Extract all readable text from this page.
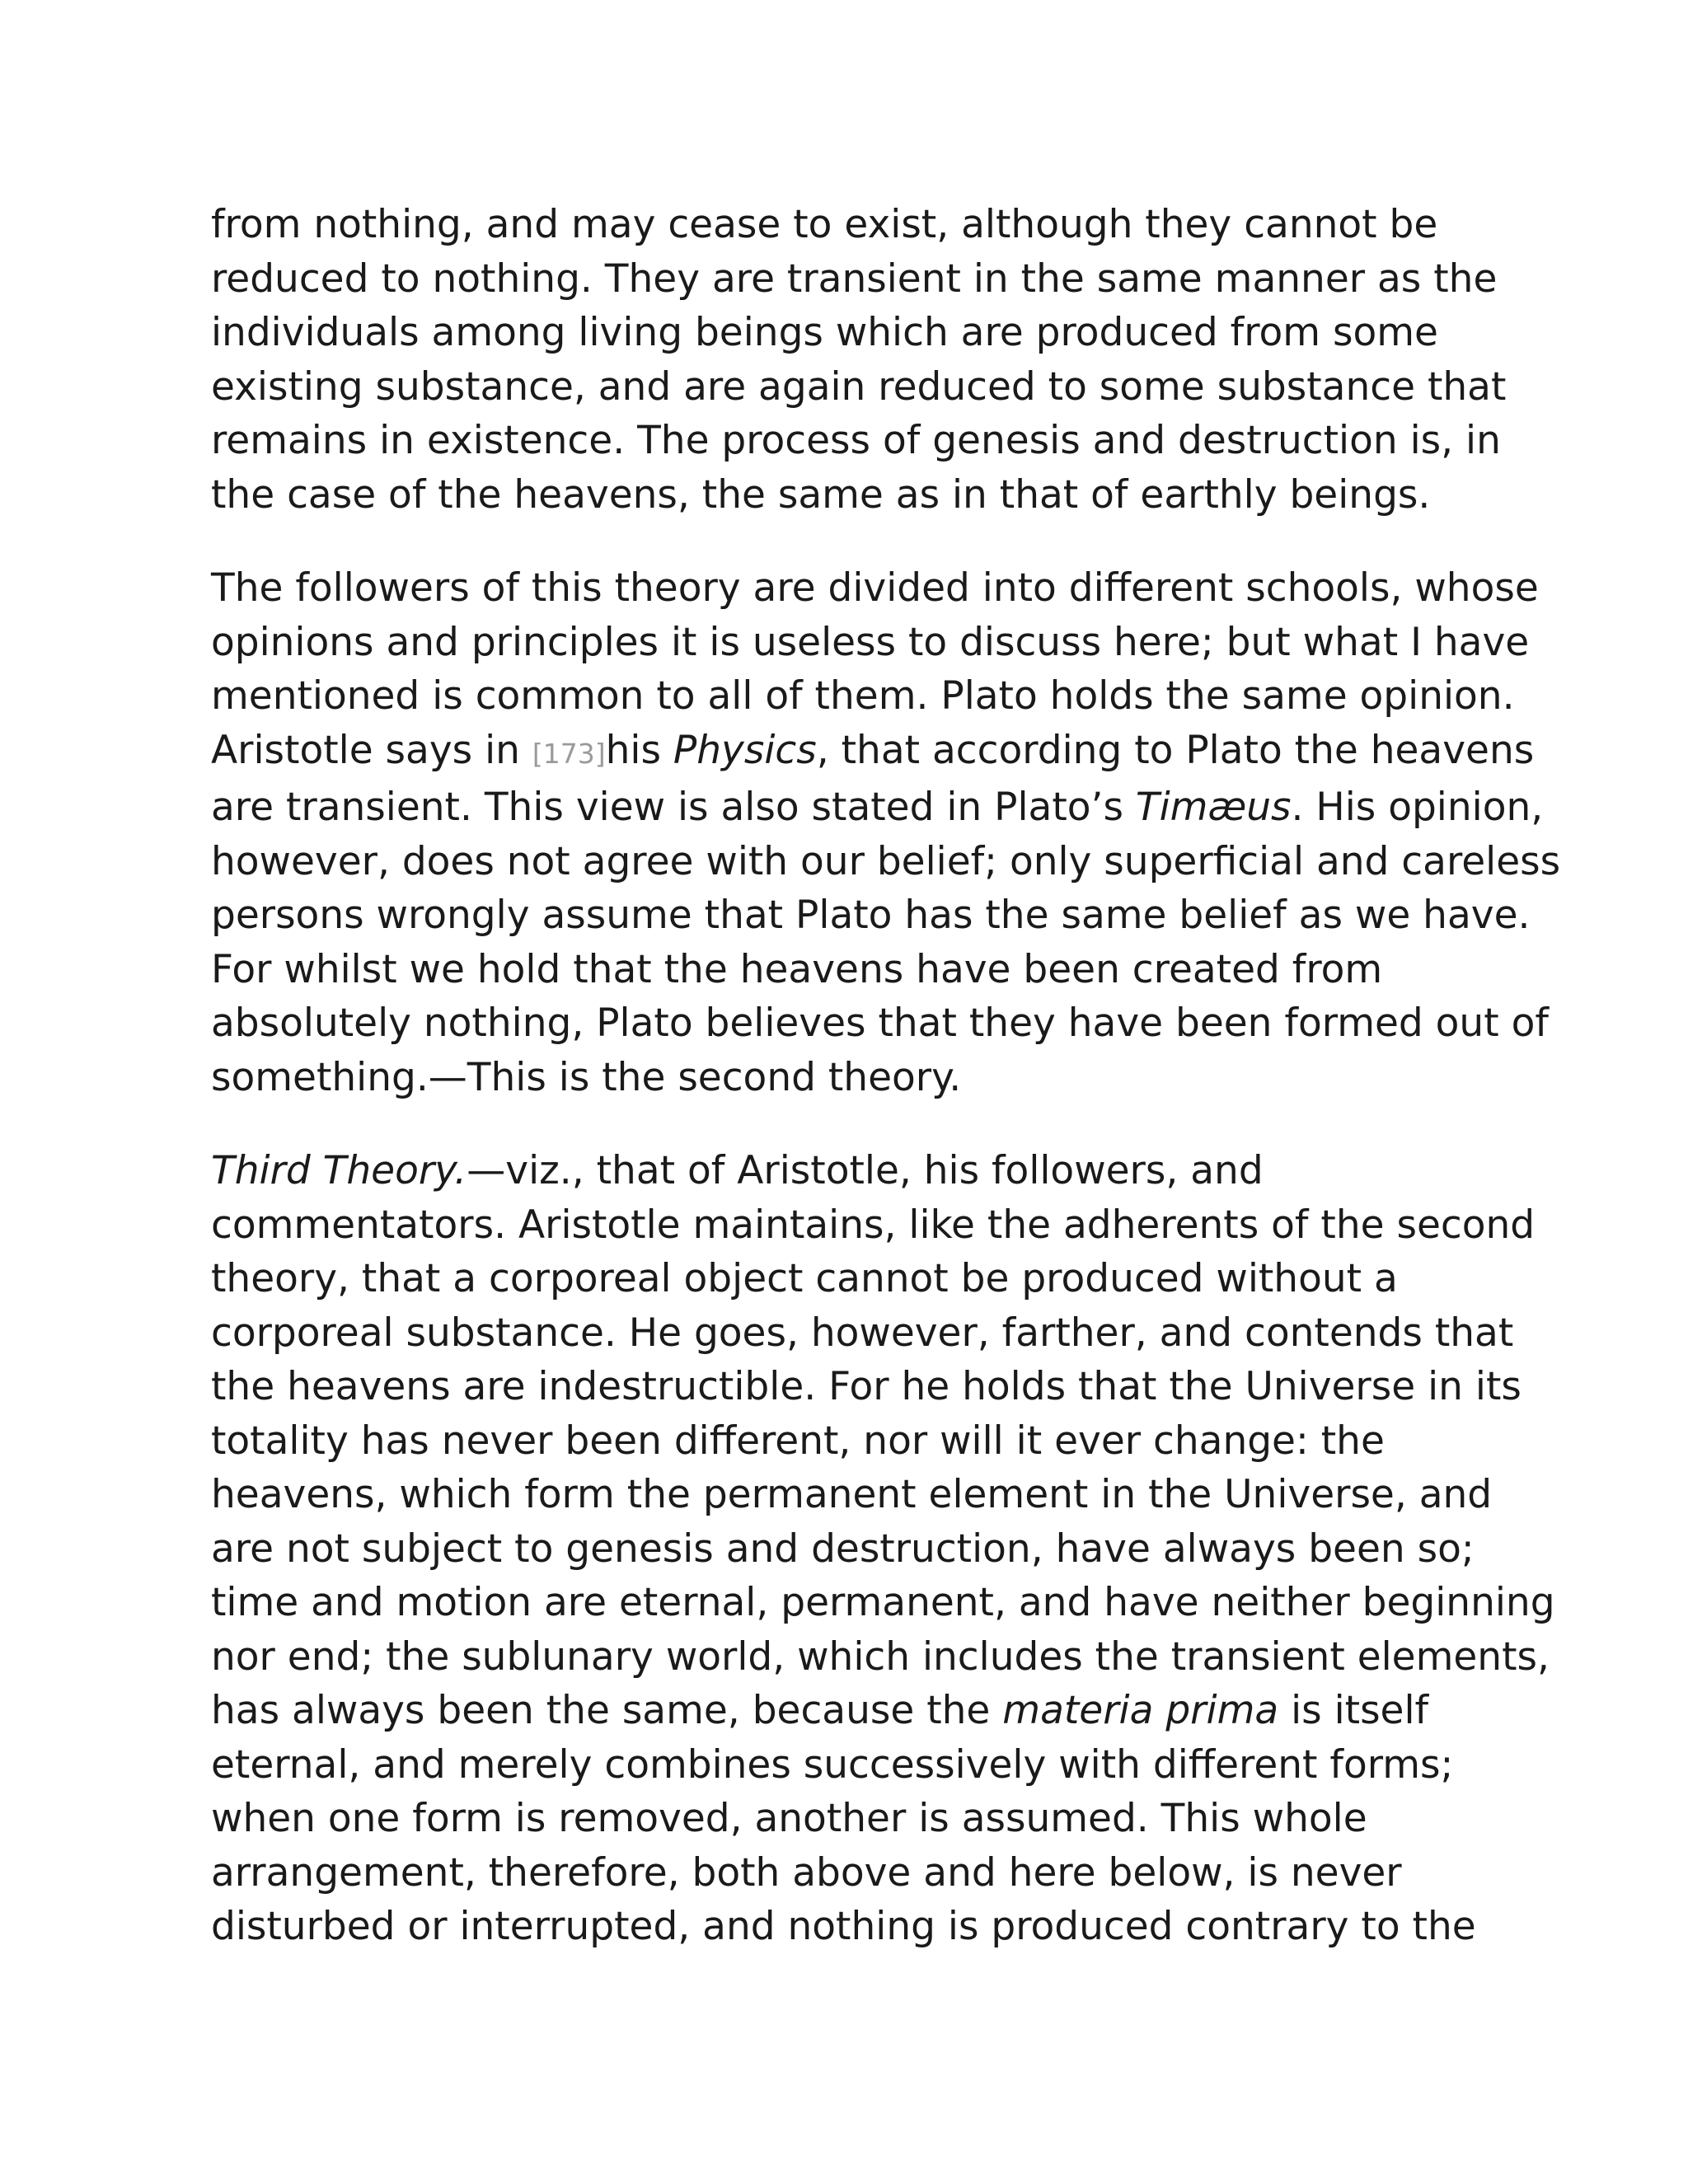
from nothing, and may cease to exist, although they cannot be
reduced to nothing. They are transient in the same manner as the
individuals among living beings which are produced from some
existing substance, and are again reduced to some substance that
remains in existence. The process of genesis and destruction is, in
the case of the heavens, the same as in that of earthly beings.

The followers of this theory are divided into different schools, whose
opinions and principles it is useless to discuss here; but what I have
mentioned is common to all of them. Plato holds the same opinion.
Aristotle says in [173]his Physics, that according to Plato the heavens
are transient. This view is also stated in Plato’s Timæus. His opinion,
however, does not agree with our belief; only superficial and careless
persons wrongly assume that Plato has the same belief as we have.
For whilst we hold that the heavens have been created from
absolutely nothing, Plato believes that they have been formed out of
something.—This is the second theory.

Third Theory.—viz., that of Aristotle, his followers, and
commentators. Aristotle maintains, like the adherents of the second
theory, that a corporeal object cannot be produced without a
corporeal substance. He goes, however, farther, and contends that
the heavens are indestructible. For he holds that the Universe in its
totality has never been different, nor will it ever change: the
heavens, which form the permanent element in the Universe, and
are not subject to genesis and destruction, have always been so;
time and motion are eternal, permanent, and have neither beginning
nor end; the sublunary world, which includes the transient elements,
has always been the same, because the materia prima is itself
eternal, and merely combines successively with different forms;
when one form is removed, another is assumed. This whole
arrangement, therefore, both above and here below, is never
disturbed or interrupted, and nothing is produced contrary to the
